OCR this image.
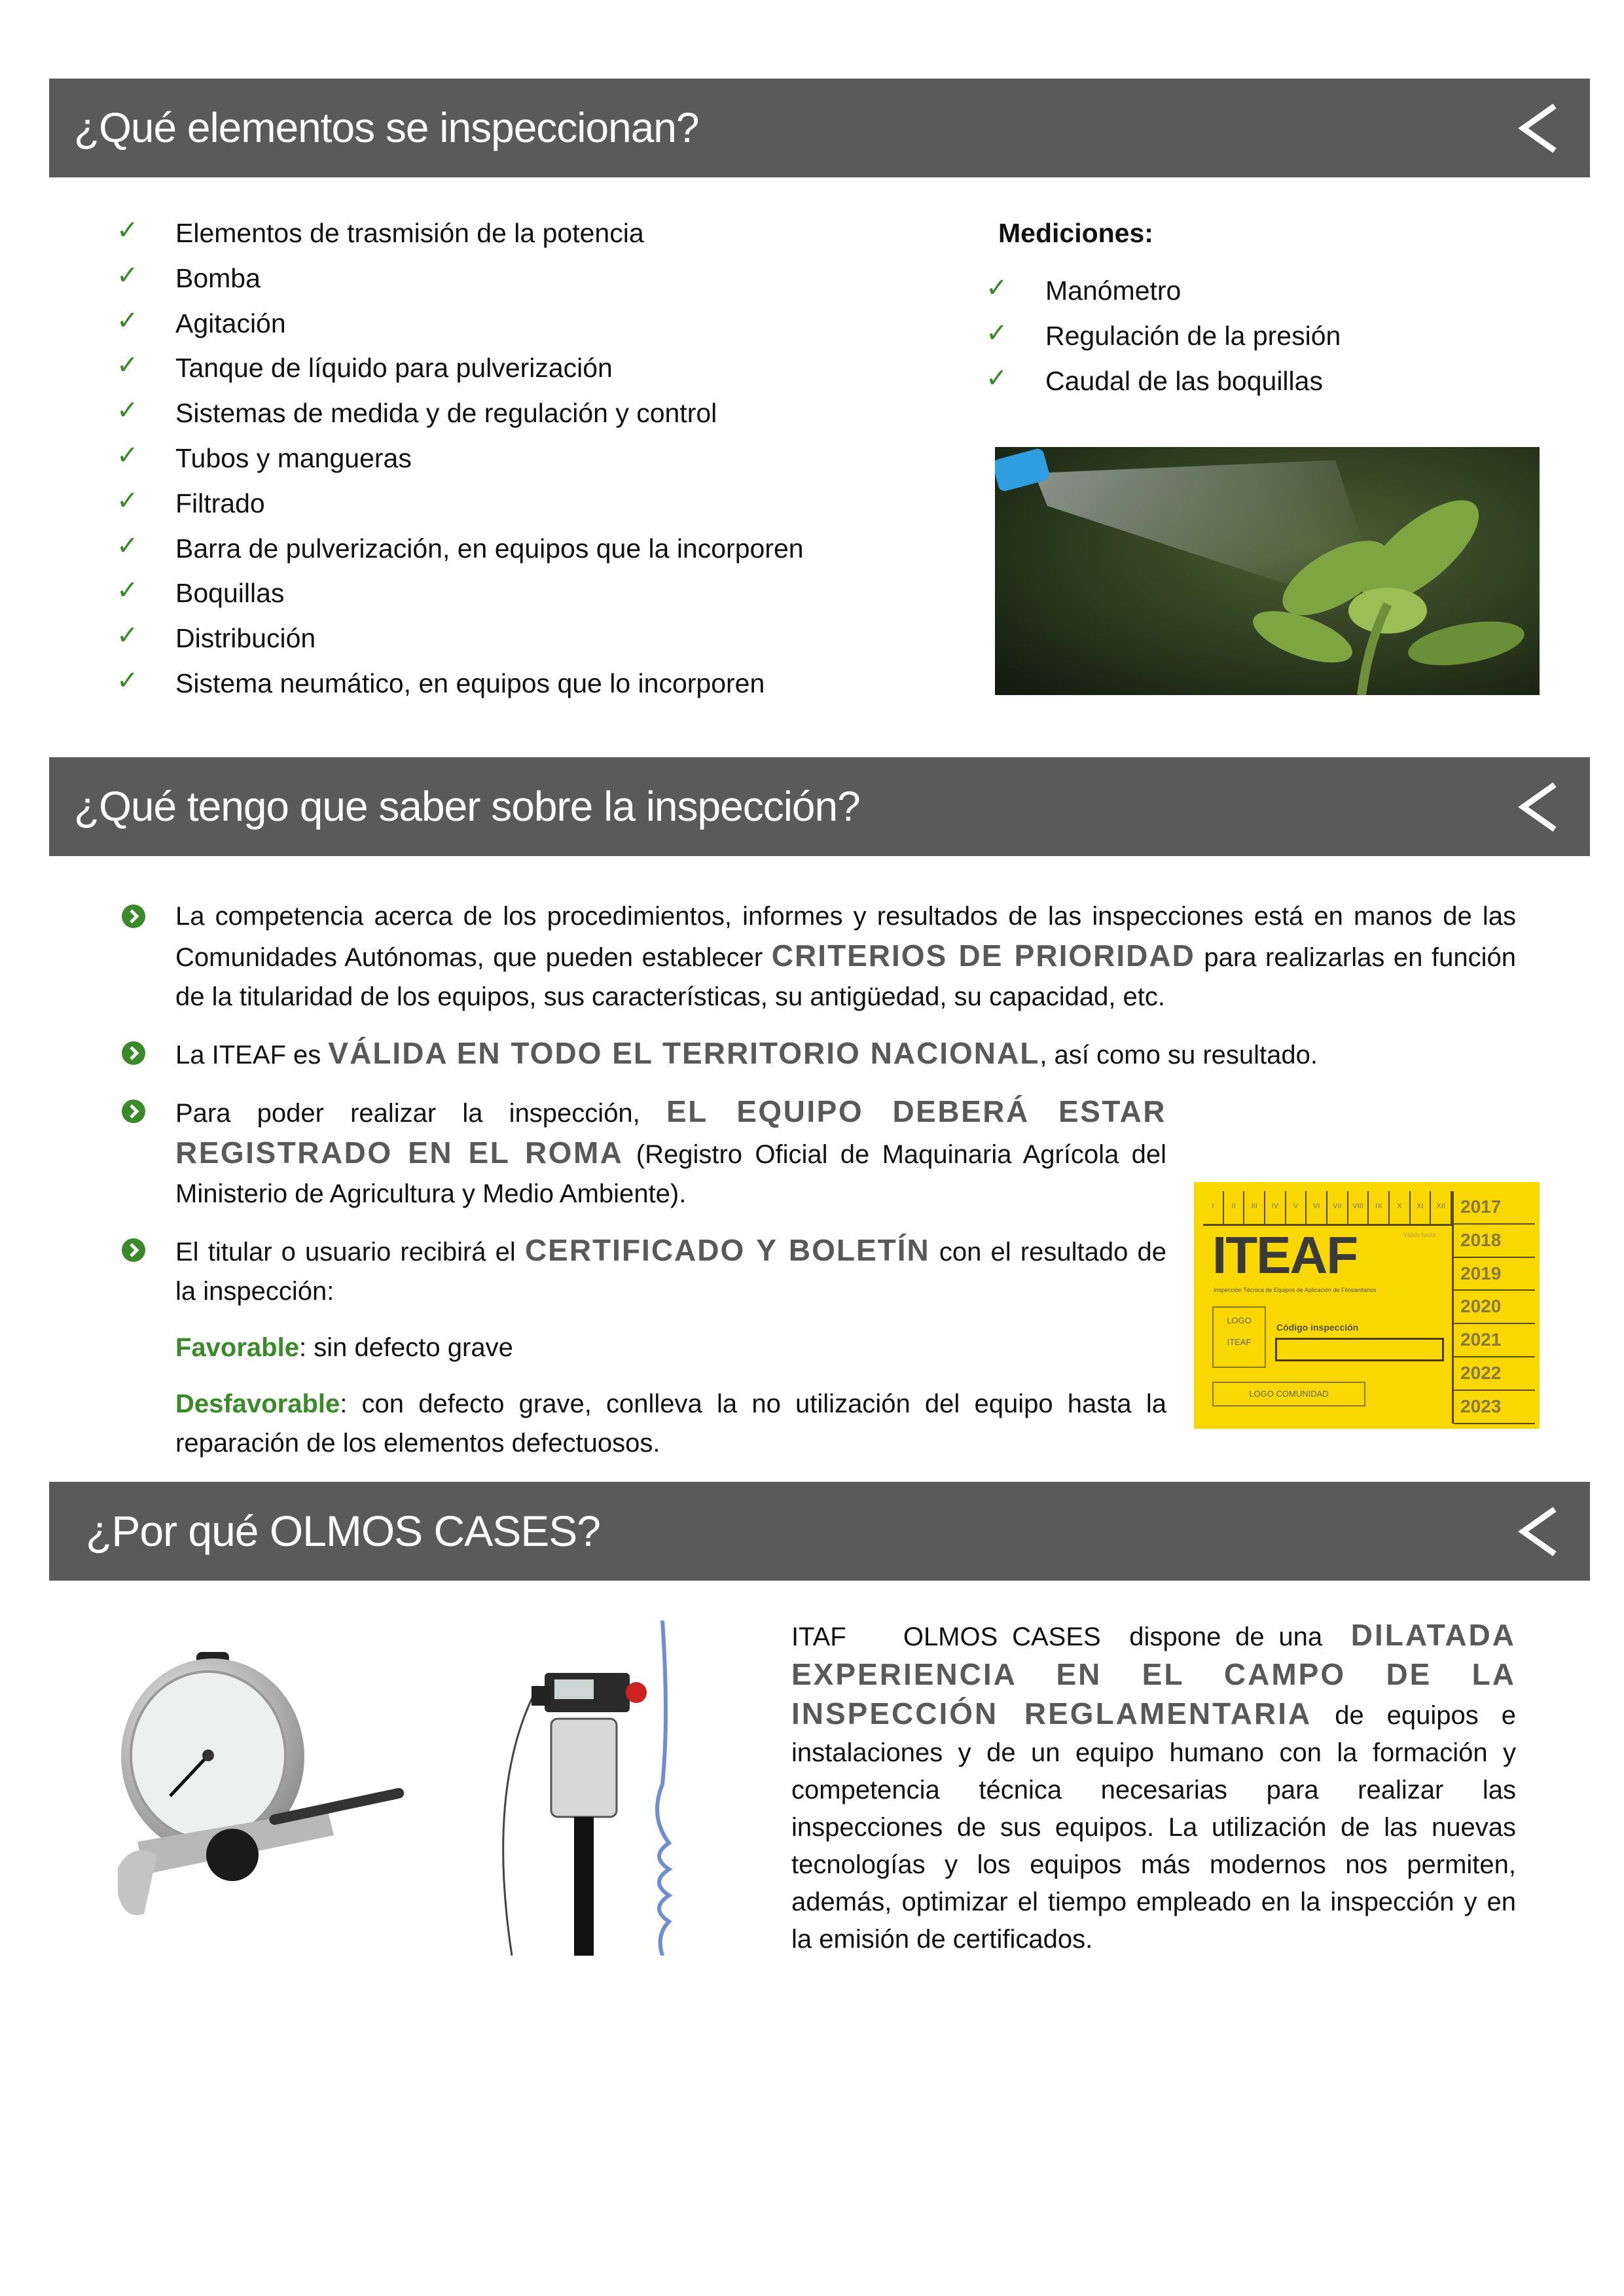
¿Qué elementos se inspeccionan?
✓ Elementos de trasmisión de la potencia
✓ Bomba
✓ Agitación
✓ Tanque de líquido para pulverización
✓ Sistemas de medida y de regulación y control
✓ Tubos y mangueras
✓ Filtrado
✓ Barra de pulverización, en equipos que la incorporen
✓ Boquillas
✓ Distribución
✓ Sistema neumático, en equipos que lo incorporen
Mediciones:
✓ Manómetro
✓ Regulación de la presión
✓ Caudal de las boquillas
¿Qué tengo que saber sobre la inspección?

La competencia acerca de los procedimientos, informes y resultados de las inspecciones está en manos de las Comunidades Autónomas, que pueden establecer CRITERIOS DE PRIORIDAD para realizarlas en función de la titularidad de los equipos, sus características, su antigüedad, su capacidad, etc.

La ITEAF es VÁLIDA EN TODO EL TERRITORIO NACIONAL, así como su resultado.

Para poder realizar la inspección, EL EQUIPO DEBERÁ ESTAR REGISTRADO EN EL ROMA (Registro Oficial de Maquinaria Agrícola del Ministerio de Agricultura y Medio Ambiente).

El titular o usuario recibirá el CERTIFICADO Y BOLETÍN con el resultado de la inspección:

Favorable: sin defecto grave

Desfavorable: con defecto grave, conlleva la no utilización del equipo hasta la reparación de los elementos defectuosos.

I	II	III	IV	V	VI	VII	VIII	IX	X	XI	XII 2017
2018
2019
2020
2021
2022
2023
Válido hasta
ITEAF
Inspección Técnica de Equipos de Aplicación de Fitosanitarios
LOGO
ITEAF
Código inspección
LOGO COMUNIDAD
¿Por qué OLMOS CASES?
ITAF    OLMOS CASES  dispone de una  DILATADA EXPERIENCIA EN EL CAMPO DE LA INSPECCIÓN REGLAMENTARIA de equipos e instalaciones y de un equipo humano con la formación y competencia técnica necesarias para realizar las inspecciones de sus equipos. La utilización de las nuevas tecnologías y los equipos más modernos nos permiten, además, optimizar el tiempo empleado en la inspección y en la emisión de certificados.
